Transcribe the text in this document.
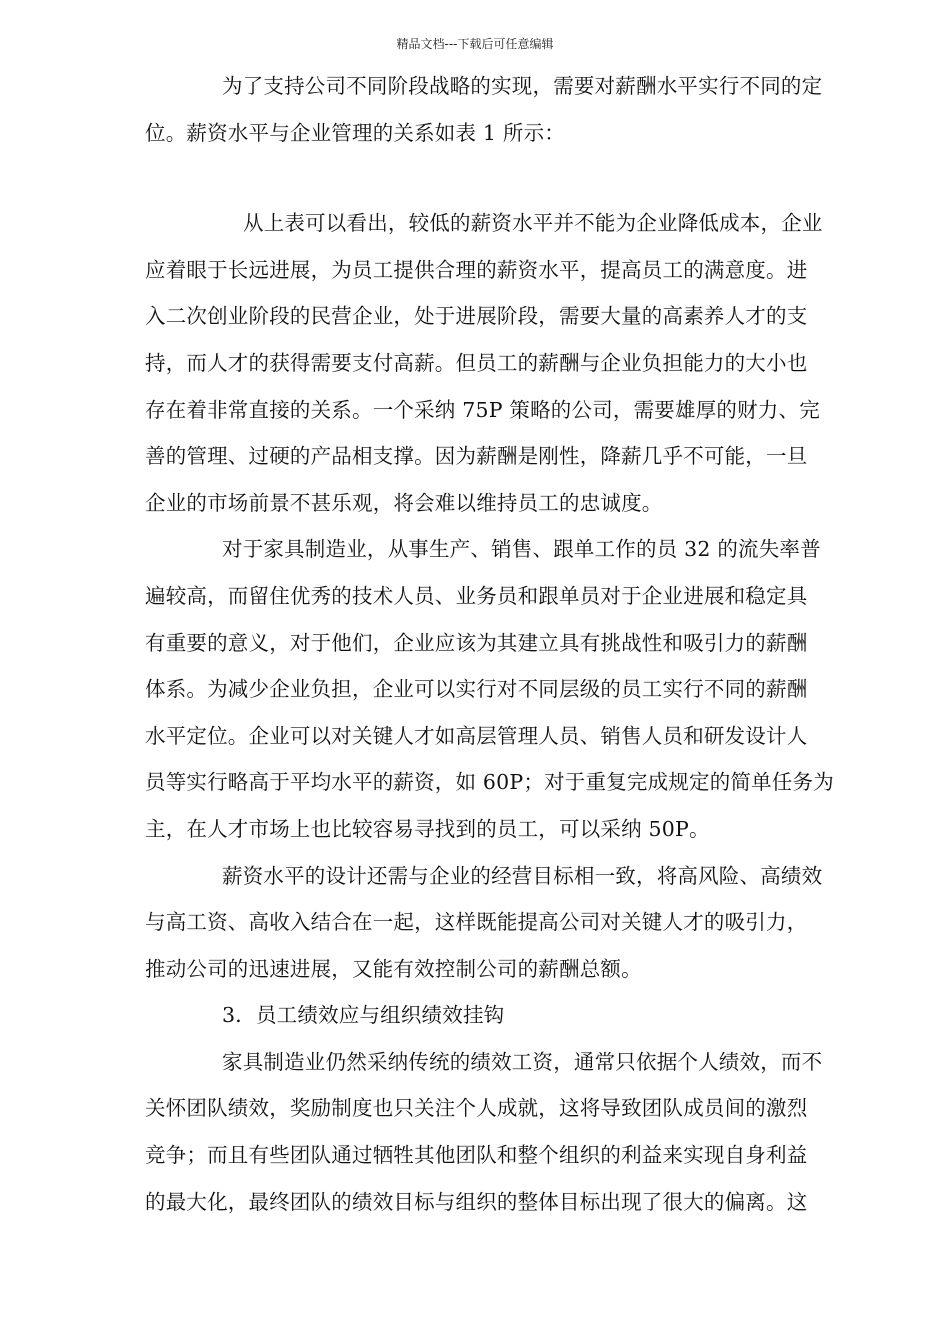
精品文档---下载后可任意编辑
为了支持公司不同阶段战略的实现，需要对薪酬水平实行不同的定
位。薪资水平与企业管理的关系如表 1 所示：
从上表可以看出，较低的薪资水平并不能为企业降低成本，企业
应着眼于长远进展，为员工提供合理的薪资水平，提高员工的满意度。进
入二次创业阶段的民营企业，处于进展阶段，需要大量的高素养人才的支
持，而人才的获得需要支付高薪。但员工的薪酬与企业负担能力的大小也
存在着非常直接的关系。一个采纳 75P 策略的公司，需要雄厚的财力、完
善的管理、过硬的产品相支撑。因为薪酬是刚性，降薪几乎不可能，一旦
企业的市场前景不甚乐观，将会难以维持员工的忠诚度。
对于家具制造业，从事生产、销售、跟单工作的员 32 的流失率普
遍较高，而留住优秀的技术人员、业务员和跟单员对于企业进展和稳定具
有重要的意义，对于他们，企业应该为其建立具有挑战性和吸引力的薪酬
体系。为减少企业负担，企业可以实行对不同层级的员工实行不同的薪酬
水平定位。企业可以对关键人才如高层管理人员、销售人员和研发设计人
员等实行略高于平均水平的薪资，如 60P；对于重复完成规定的简单任务为
主，在人才市场上也比较容易寻找到的员工，可以采纳 50P。
薪资水平的设计还需与企业的经营目标相一致，将高风险、高绩效
与高工资、高收入结合在一起，这样既能提高公司对关键人才的吸引力，
推动公司的迅速进展，又能有效控制公司的薪酬总额。
3．员工绩效应与组织绩效挂钩
家具制造业仍然采纳传统的绩效工资，通常只依据个人绩效，而不
关怀团队绩效，奖励制度也只关注个人成就，这将导致团队成员间的激烈
竞争；而且有些团队通过牺牲其他团队和整个组织的利益来实现自身利益
的最大化，最终团队的绩效目标与组织的整体目标出现了很大的偏离。这
